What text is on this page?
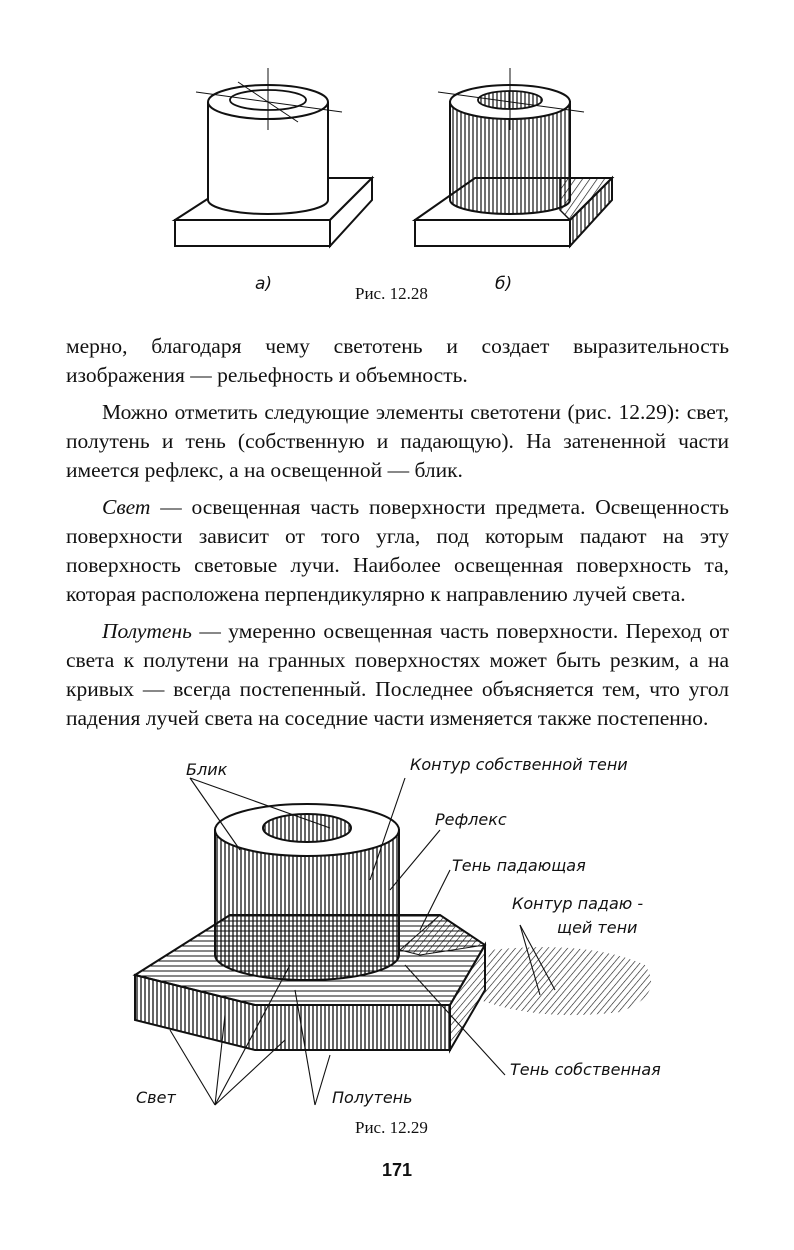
а)	б)
Рис. 12.28

мерно, благодаря чему светотень и создает выразительность изображения — рельефность и объемность.

Можно отметить следующие элементы светотени (рис. 12.29): свет, полутень и тень (собственную и падающую). На затененной части имеется рефлекс, а на освещенной — блик.

Свет — освещенная часть поверхности предмета. Освещенность поверхности зависит от того угла, под которым падают на эту поверхность световые лучи. Наиболее освещенная поверхность та, которая расположена перпендикулярно к направлению лучей света.

Полутень — умеренно освещенная часть поверхности. Переход от света к полутени на гранных поверхностях может быть резким, а на кривых — всегда постепенный. Последнее объясняется тем, что угол падения лучей света на соседние части изменяется также постепенно.

Блик	Контур собственной тени
Рефлекс
Тень падающая
Контур падаю -
щей тени
Тень собственная
Свет	Полутень
Рис. 12.29
171
